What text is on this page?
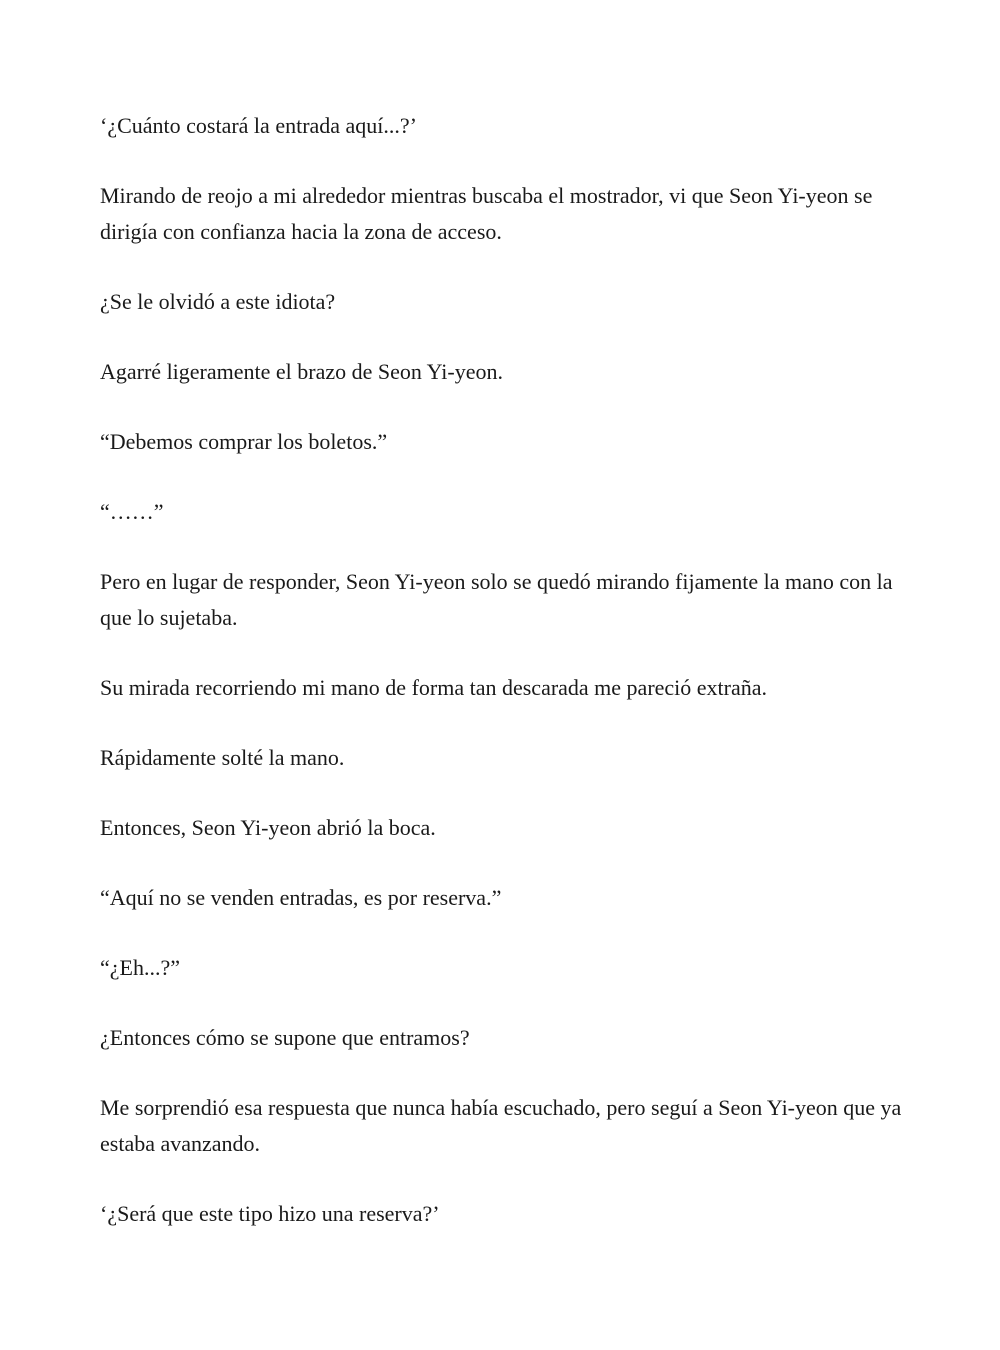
‘¿Cuánto costará la entrada aquí...?’

Mirando de reojo a mi alrededor mientras buscaba el mostrador, vi que Seon Yi-yeon se dirigía con confianza hacia la zona de acceso.

¿Se le olvidó a este idiota?

Agarré ligeramente el brazo de Seon Yi-yeon.

“Debemos comprar los boletos.”

“……”

Pero en lugar de responder, Seon Yi-yeon solo se quedó mirando fijamente la mano con la que lo sujetaba.

Su mirada recorriendo mi mano de forma tan descarada me pareció extraña.

Rápidamente solté la mano.

Entonces, Seon Yi-yeon abrió la boca.

“Aquí no se venden entradas, es por reserva.”

“¿Eh...?”

¿Entonces cómo se supone que entramos?

Me sorprendió esa respuesta que nunca había escuchado, pero seguí a Seon Yi-yeon que ya estaba avanzando.

‘¿Será que este tipo hizo una reserva?’
